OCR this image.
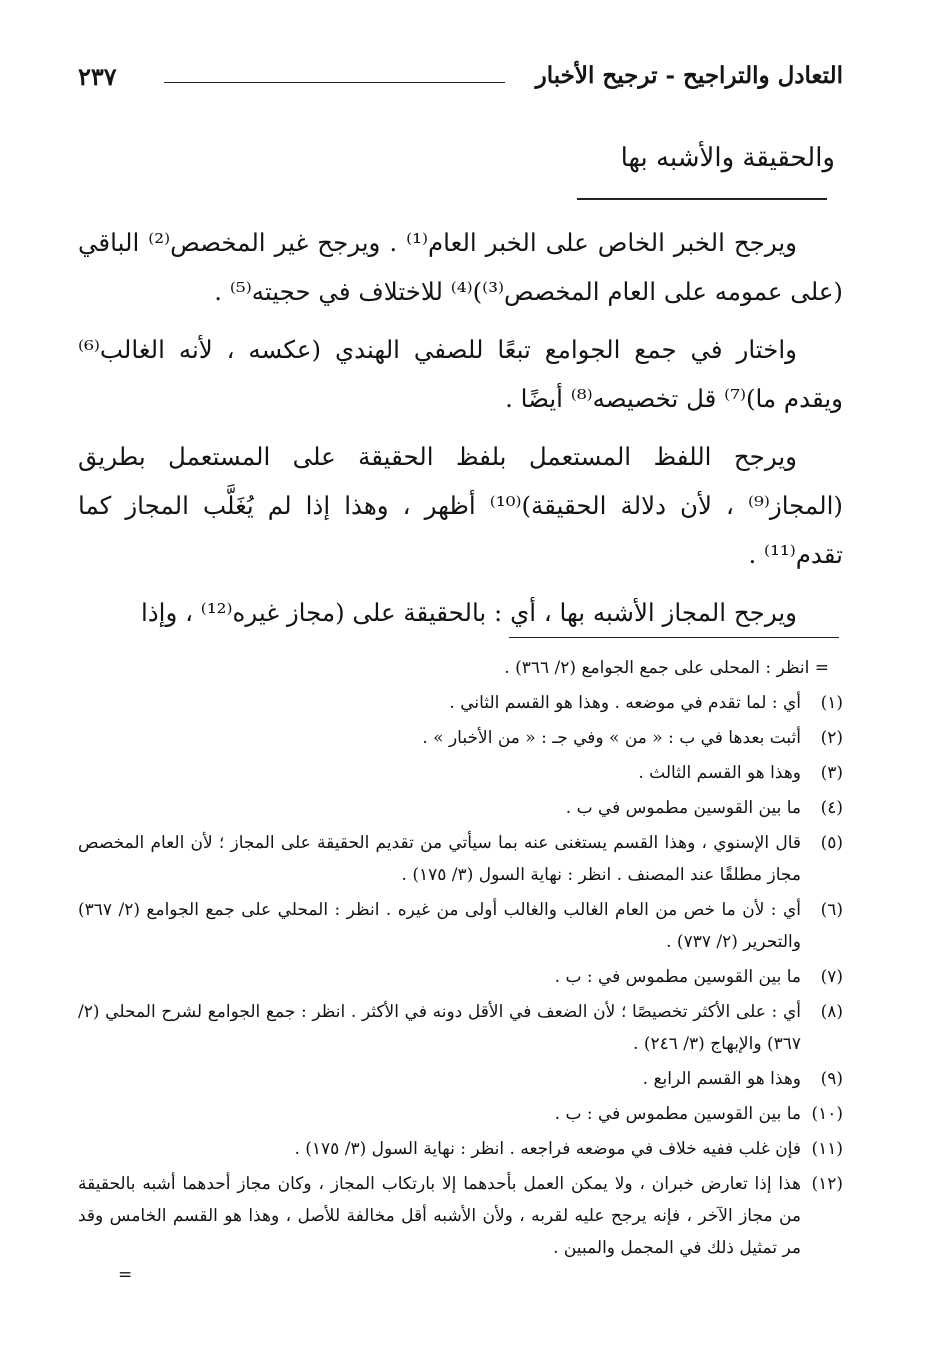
التعادل والتراجيح - ترجيح الأخبار
٢٣٧
والحقيقة والأشبه بها

ويرجح الخبر الخاص على الخبر العام⁽¹⁾ . ويرجح غير المخصص⁽²⁾ الباقي (على عمومه على العام المخصص⁽³⁾)⁽⁴⁾ للاختلاف في حجيته⁽⁵⁾ .

واختار في جمع الجوامع تبعًا للصفي الهندي (عكسه ، لأنه الغالب⁽⁶⁾ ويقدم ما)⁽⁷⁾ قل تخصيصه⁽⁸⁾ أيضًا .

ويرجح اللفظ المستعمل بلفظ الحقيقة على المستعمل بطريق (المجاز⁽⁹⁾ ، لأن دلالة الحقيقة)⁽¹⁰⁾ أظهر ، وهذا إذا لم يُغَلَّب المجاز كما تقدم⁽¹¹⁾ .

ويرجح المجاز الأشبه بها ، أي : بالحقيقة على (مجاز غيره⁽¹²⁾ ، وإذا

= انظر : المحلى على جمع الجوامع (٢/ ٣٦٦) .
(١)
أي : لما تقدم في موضعه . وهذا هو القسم الثاني .
(٢)
أثبت بعدها في ب : « من » وفي جـ : « من الأخبار » .
(٣)
وهذا هو القسم الثالث .
(٤)
ما بين القوسين مطموس في ب .
(٥)
قال الإسنوي ، وهذا القسم يستغنى عنه بما سيأتي من تقديم الحقيقة على المجاز ؛ لأن العام المخصص مجاز مطلقًا عند المصنف . انظر : نهاية السول (٣/ ١٧٥) .
(٦)
أي : لأن ما خص من العام الغالب والغالب أولى من غيره . انظر : المحلي على جمع الجوامع (٢/ ٣٦٧) والتحرير (٢/ ٧٣٧) .
(٧)
ما بين القوسين مطموس في : ب .
(٨)
أي : على الأكثر تخصيصًا ؛ لأن الضعف في الأقل دونه في الأكثر . انظر : جمع الجوامع لشرح المحلي (٢/ ٣٦٧) والإبهاج (٣/ ٢٤٦) .
(٩)
وهذا هو القسم الرابع .
(١٠)
ما بين القوسين مطموس في : ب .
(١١)
فإن غلب ففيه خلاف في موضعه فراجعه . انظر : نهاية السول (٣/ ١٧٥) .
(١٢)
هذا إذا تعارض خبران ، ولا يمكن العمل بأحدهما إلا بارتكاب المجاز ، وكان مجاز أحدهما أشبه بالحقيقة من مجاز الآخر ، فإنه يرجح عليه لقربه ، ولأن الأشبه أقل مخالفة للأصل ، وهذا هو القسم الخامس وقد مر تمثيل ذلك في المجمل والمبين .
=
